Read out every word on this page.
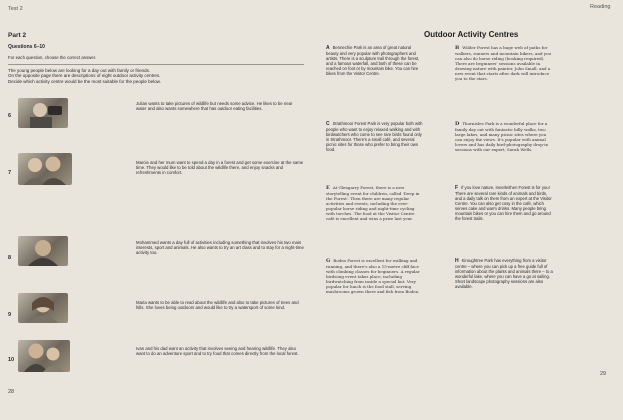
Test 2	Reading
Part 2
Questions 6–10
For each question, choose the correct answer.
The young people below are looking for a day out with family or friends.
On the opposite page there are descriptions of eight outdoor activity centres.
Decide which activity centre would be the most suitable for the people below.
6
Julian wants to take pictures of wildlife but needs some advice. He likes to be near water and also wants somewhere that has outdoor eating facilities.
7
Marcie and her mum want to spend a day in a forest and get some exercise at the same time. They would like to be told about the wildlife there, and enjoy snacks and refreshments in comfort.
8
Mohammed wants a day full of activities including something that involves his two main interests, sport and animals. He also wants to try an art class and to stay for a night-time activity too.
9
Maria wants to be able to read about the wildlife and also to take pictures of trees and hills. She loves being outdoors and would like to try a watersport of some kind.
10
Ivan and his dad want an activity that involves seeing and hearing wildlife. They also want to do an adventure sport and to try food that comes directly from the local forest.
28
Outdoor Activity Centres
A Bennechie Park is an area of great natural beauty and very popular with photographers and artists. There is a sculpture trail through the forest, and a famous waterfall, and both of these can be reached on foot or by mountain bike. You can hire bikes from the Visitor Centre.
B Wilder Forest has a huge web of paths for walkers, runners and mountain bikers, and you can also do horse riding (booking required). There are beginners' sessions available in drawing nature with painter, John Small, and a new event that starts after dark will introduce you to the stars.
C Strathmoor Forest Park is very popular both with people who want to enjoy relaxed walking and with birdwatchers who come to see rare birds found only in Strathmoor. There's a small café, and several picnic sites for those who prefer to bring their own food.
D Thornislee Park is a wonderful place for a family day out with fantastic hilly walks, two large lakes, and many picnic sites where you can enjoy the views. It's popular with animal lovers and has daily bird-photography drop-in sessions with our expert, Sarah Wells.
E At Glengarry Forest, there is a new storytelling event for children, called 'Deep in the Forest'. Then there are many regular activities and events, including the ever-popular horse riding and night-time cycling with torches. The food at the Visitor Centre café is excellent and wins a prize last year.
F If you love nature, Innerleithen Forest is for you! There are several rare kinds of animals and birds, and a daily talk on them from an expert at the Visitor Centre. You can also get cosy in the café, which serves cake and warm drinks. Many people bring mountain bikes or you can hire them and go around the forest trails.
G Bodea Forest is excellent for walking and running, and there's also a 15-metre cliff face with climbing classes for beginners. A regular birdsong event takes place, including birdwatching from inside a special hut. Very popular for lunch is the food stall, serving mushrooms grown there and fish from Bodea.
H Kiroughtree Park has everything from a visitor centre – where you can pick up a free guide full of information about the plants and animals there – to a wonderful lake, where you can have a go at sailing. Short landscape photography sessions are also available.
29
